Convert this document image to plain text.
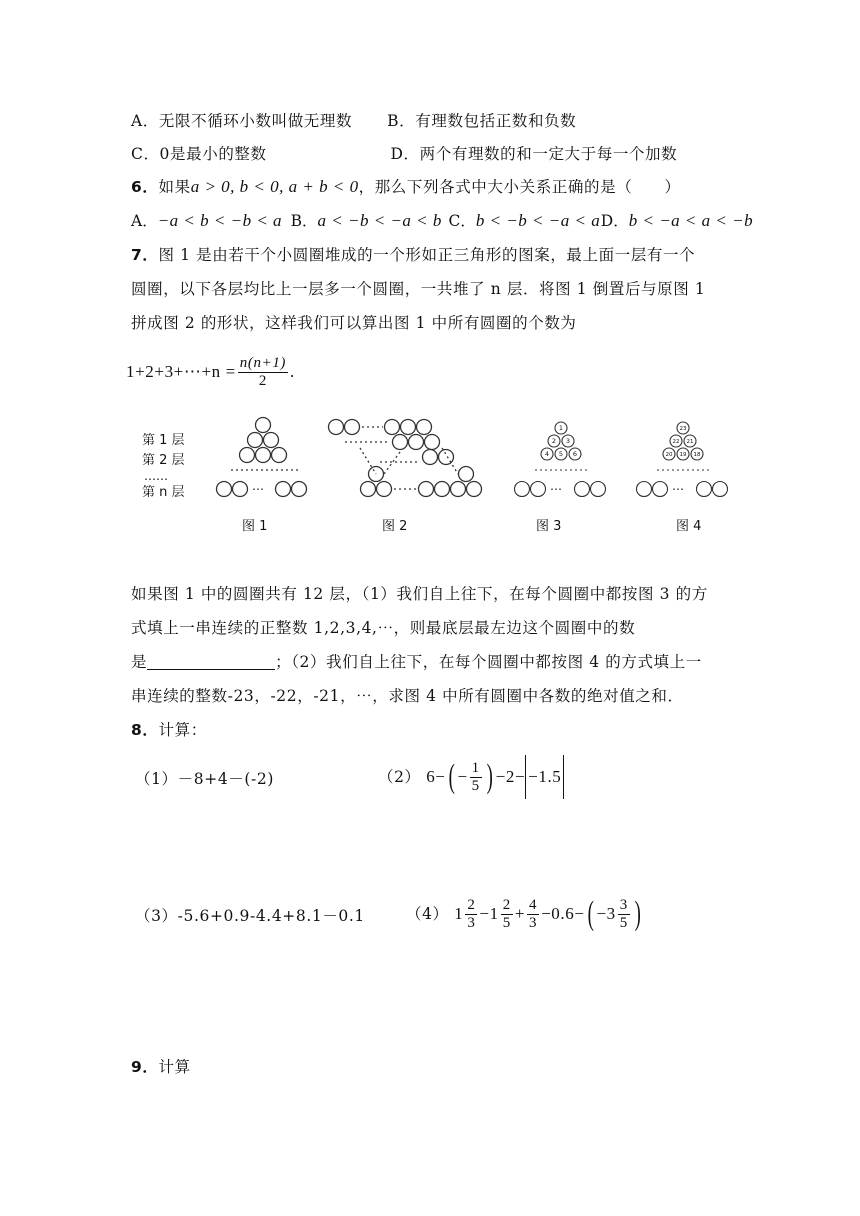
A．无限不循环小数叫做无理数 B．有理数包括正数和负数
C．0是最小的整数	D．两个有理数的和一定大于每一个加数
6．如果a > 0, b < 0, a + b < 0，那么下列各式中大小关系正确的是（　　）
A．−a < b < −b < a B．a < −b < −a < b C．b < −b < −a < a D．b < −a < a < −b
7．图 1 是由若干个小圆圈堆成的一个形如正三角形的图案，最上面一层有一个
圆圈，以下各层均比上一层多一个圆圈，一共堆了 n 层．将图 1 倒置后与原图 1
拼成图 2 的形状，这样我们可以算出图 1 中所有圆圈的个数为
1+2+3+⋯+n = $\frac{n(n+1)}{2}$ .
第 1 层
第 2 层
……
第 n 层	⋯
1
2 3
4 5 6
⋯
23
22 21
20 19 18
⋯
图 1	图 2	图 3	图 4
如果图 1 中的圆圈共有 12 层，（1）我们自上往下，在每个圆圈中都按图 3 的方
式填上一串连续的正整数 1,2,3,4,⋯，则最底层最左边这个圆圈中的数
是	；（2）我们自上往下，在每个圆圈中都按图 4 的方式填上一
串连续的整数-23，-22，-21，⋯，求图 4 中所有圆圈中各数的绝对值之和．
8．计算：
（1）－8+4－(-2)	（2） 6− ( − $\frac{1}{5}$ ) −2− −1.5
（3）-5.6+0.9-4.4+8.1－0.1	（4） $1 \frac{2}{3} -1 \frac{2}{5} + \frac{4}{3} -0.6-$ ( $-3 \frac{3}{5}$ )
9．计算
